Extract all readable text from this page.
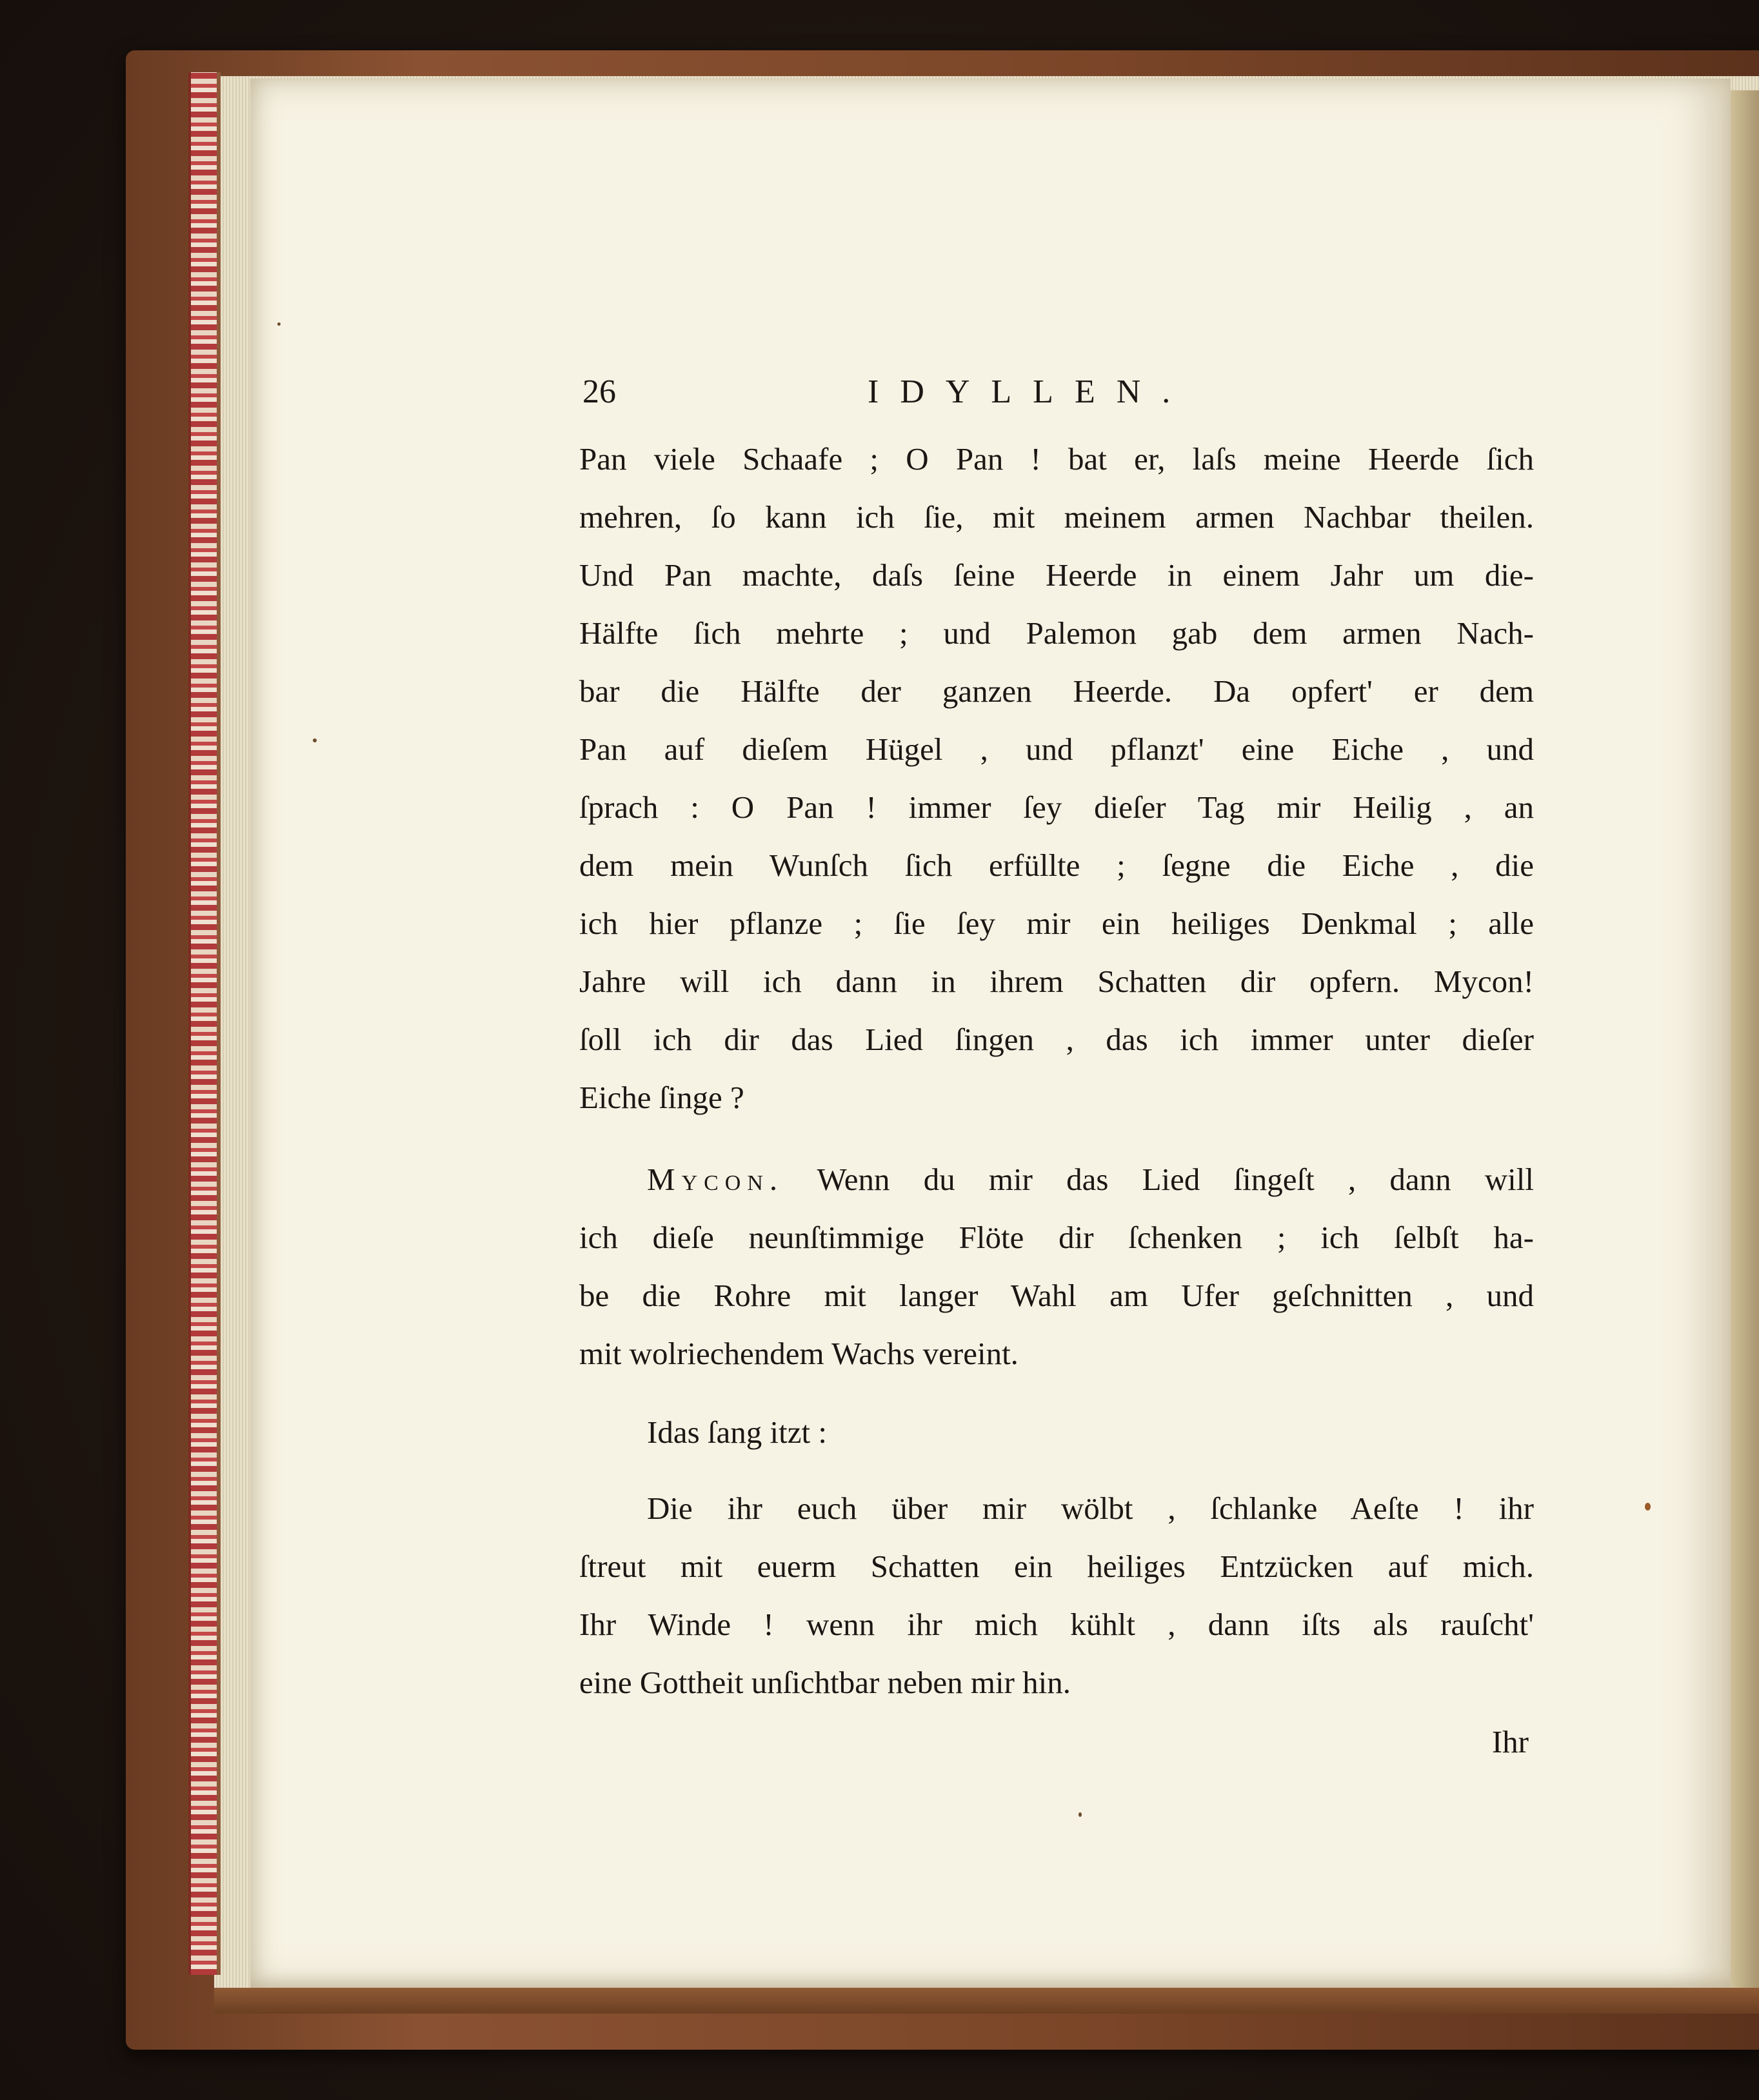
26	IDYLLEN.
Pan viele Schaafe ; O Pan ! bat er, laſs meine Heerde ſich
mehren, ſo kann ich ſie, mit meinem armen Nachbar theilen.
Und Pan machte, daſs ſeine Heerde in einem Jahr um die-
Hälfte ſich mehrte ; und Palemon gab dem armen Nach-
bar die Hälfte der ganzen Heerde. Da opfert' er dem
Pan auf dieſem Hügel , und pflanzt' eine Eiche , und
ſprach : O Pan ! immer ſey dieſer Tag mir Heilig , an
dem mein Wunſch ſich erfüllte ; ſegne die Eiche , die
ich hier pflanze ; ſie ſey mir ein heiliges Denkmal ; alle
Jahre will ich dann in ihrem Schatten dir opfern. Mycon!
ſoll ich dir das Lied ſingen , das ich immer unter dieſer
Eiche ſinge ?
Mycon. Wenn du mir das Lied ſingeſt , dann will
ich dieſe neunſtimmige Flöte dir ſchenken ; ich ſelbſt ha-
be die Rohre mit langer Wahl am Ufer geſchnitten , und
mit wolriechendem Wachs vereint.
Idas ſang itzt :
Die ihr euch über mir wölbt , ſchlanke Aeſte ! ihr
ſtreut mit euerm Schatten ein heiliges Entzücken auf mich.
Ihr Winde ! wenn ihr mich kühlt , dann iſts als rauſcht'
eine Gottheit unſichtbar neben mir hin.
Ihr
